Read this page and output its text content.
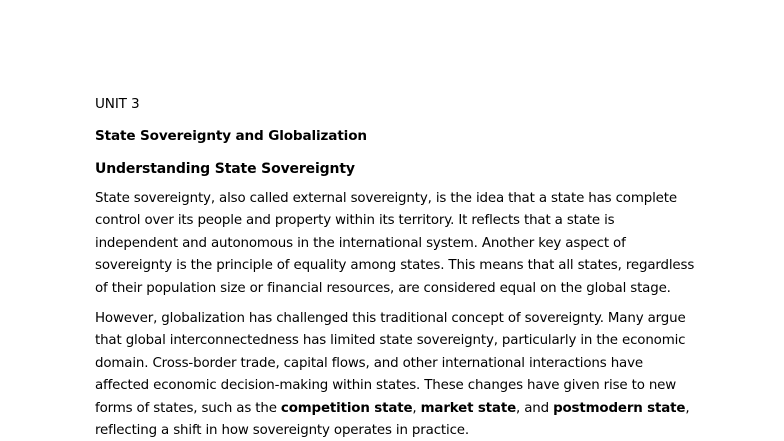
UNIT 3

State Sovereignty and Globalization

Understanding State Sovereignty

State sovereignty, also called external sovereignty, is the idea that a state has complete control over its people and property within its territory. It reflects that a state is independent and autonomous in the international system. Another key aspect of sovereignty is the principle of equality among states. This means that all states, regardless of their population size or financial resources, are considered equal on the global stage.

However, globalization has challenged this traditional concept of sovereignty. Many argue that global interconnectedness has limited state sovereignty, particularly in the economic domain. Cross-border trade, capital flows, and other international interactions have affected economic decision-making within states. These changes have given rise to new forms of states, such as the competition state, market state, and postmodern state, reflecting a shift in how sovereignty operates in practice.
